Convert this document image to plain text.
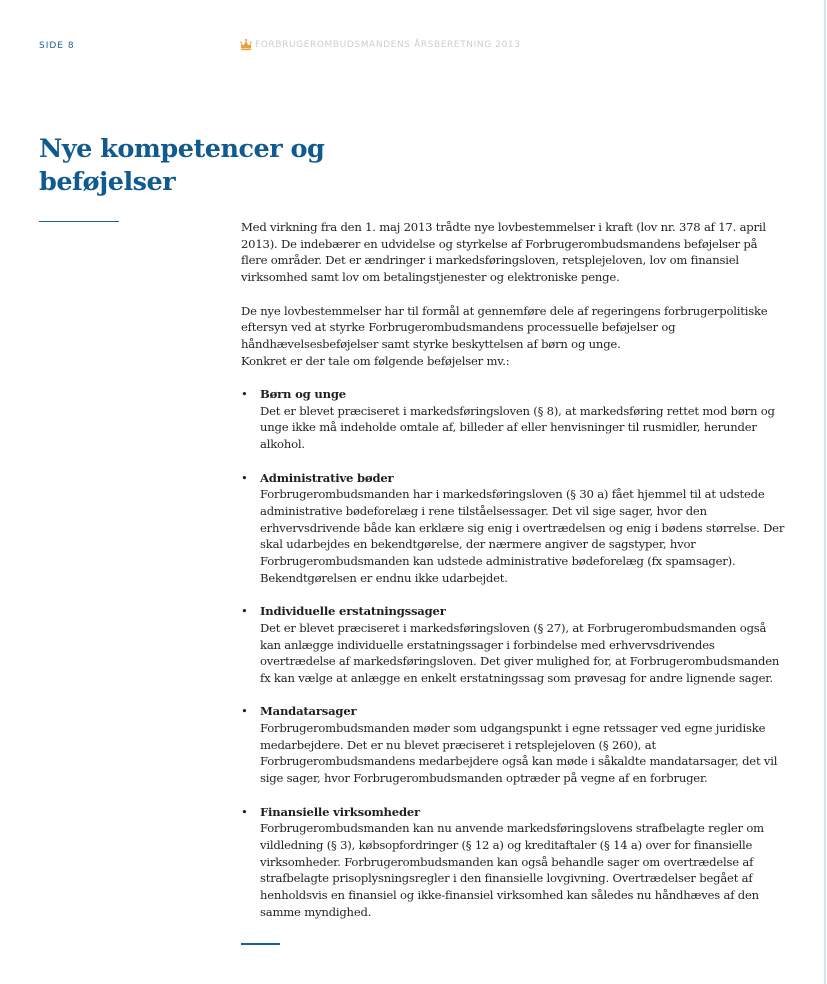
SIDE 8	FORBRUGEROMBUDSMANDENS ÅRSBERETNING 2013
Nye kompetencer og beføjelser

Med virkning fra den 1. maj 2013 trådte nye lovbestemmelser i kraft (lov nr. 378 af 17. april 2013). De indebærer en udvidelse og styrkelse af Forbrugerombudsmandens beføjelser på flere områder. Det er ændringer i markedsføringsloven, retsplejeloven, lov om finansiel virksomhed samt lov om betalingstjenester og elektroniske penge.

De nye lovbestemmelser har til formål at gennemføre dele af regeringens forbrugerpolitiske eftersyn ved at styrke Forbrugerombudsmandens processuelle beføjelser og håndhævelsesbeføjelser samt styrke beskyttelsen af børn og unge.

Konkret er der tale om følgende beføjelser mv.:

• Børn og unge

Det er blevet præciseret i markedsføringsloven (§ 8), at markedsføring rettet mod børn og unge ikke må indeholde omtale af, billeder af eller henvisninger til rusmidler, herunder alkohol.

• Administrative bøder

Forbrugerombudsmanden har i markedsføringsloven (§ 30 a) fået hjemmel til at udstede administrative bødeforelæg i rene tilståelsessager. Det vil sige sager, hvor den erhvervsdrivende både kan erklære sig enig i overtrædelsen og enig i bødens størrelse. Der skal udarbejdes en bekendtgørelse, der nærmere angiver de sagstyper, hvor Forbrugerombudsmanden kan udstede administrative bødeforelæg (fx spamsager). Bekendtgørelsen er endnu ikke udarbejdet.

• Individuelle erstatningssager

Det er blevet præciseret i markedsføringsloven (§ 27), at Forbrugerombudsmanden også kan anlægge individuelle erstatningssager i forbindelse med erhvervsdrivendes overtrædelse af markedsføringsloven. Det giver mulighed for, at Forbrugerombudsmanden fx kan vælge at anlægge en enkelt erstatningssag som prøvesag for andre lignende sager.

• Mandatarsager

Forbrugerombudsmanden møder som udgangspunkt i egne retssager ved egne juridiske medarbejdere. Det er nu blevet præciseret i retsplejeloven (§ 260), at Forbrugerombudsmandens medarbejdere også kan møde i såkaldte mandatarsager, det vil sige sager, hvor Forbrugerombudsmanden optræder på vegne af en forbruger.

• Finansielle virksomheder

Forbrugerombudsmanden kan nu anvende markedsføringslovens strafbelagte regler om vildledning (§ 3), købsopfordringer (§ 12 a) og kreditaftaler (§ 14 a) over for finansielle virksomheder. Forbrugerombudsmanden kan også behandle sager om overtrædelse af strafbelagte prisoplysningsregler i den finansielle lovgivning. Overtrædelser begået af henholdsvis en finansiel og ikke-finansiel virksomhed kan således nu håndhæves af den samme myndighed.
